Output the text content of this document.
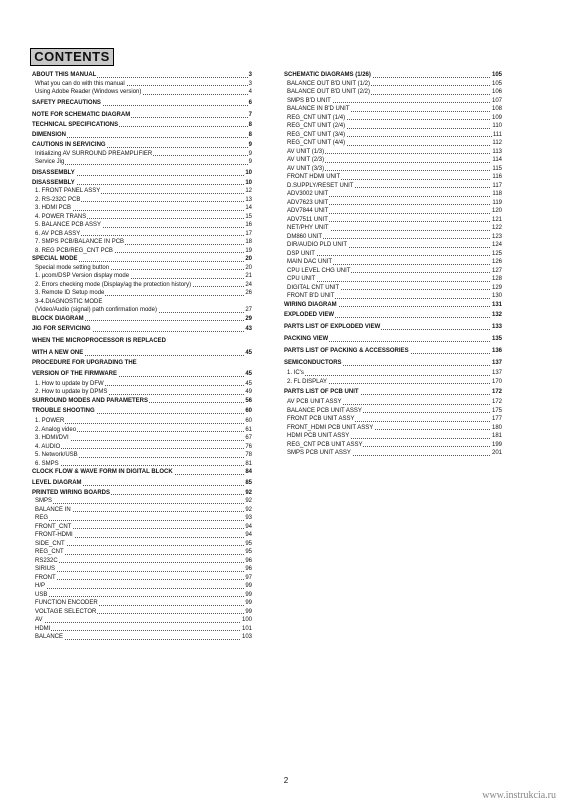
CONTENTS
ABOUT THIS MANUAL	3
What you can do with this manual	3
Using Adobe Reader (Windows version)	4
SAFETY PRECAUTIONS	6
NOTE FOR SCHEMATIC DIAGRAM	7
TECHNICAL SPECIFICATIONS	8
DIMENSION	8
CAUTIONS IN SERVICING	9
Initializing AV SURROUND PREAMPLIFIER	9
Service Jig	9
DISASSEMBLY	10
DISASSEMBLY	10
1. FRONT PANEL ASSY	12
2. RS-232C PCB	13
3. HDMI PCB	14
4. POWER TRANS	15
5. BALANCE PCB ASSY	16
6. AV PCB ASSY	17
7. SMPS PCB/BALANCE IN PCB	18
8. REG PCB/REG_CNT PCB	19
SPECIAL MODE	20
Special mode setting button	20
1. μcom/DSP Version display mode	21
2. Errors checking mode (Display/ag the protection history)	24
3. Remote ID Setup mode	26
3-4.DIAGNOSTIC MODE
(Video/Audio (signal) path confirmation mode)	27
BLOCK DIAGRAM	29
JIG FOR SERVICING	43
WHEN THE MICROPROCESSOR IS REPLACED
WITH A NEW ONE	45
PROCEDURE FOR UPGRADING THE
VERSION OF THE FIRMWARE	45
1. How to update by DFW	45
2. How to update by DPMS	49
SURROUND MODES AND PARAMETERS	56
TROUBLE SHOOTING	60
1. POWER	60
2. Analog video	61
3. HDMI/DVI	67
4. AUDIO	76
5. Network/USB	78
6. SMPS	81
CLOCK FLOW & WAVE FORM IN DIGITAL BLOCK	84
LEVEL DIAGRAM	85
PRINTED WIRING BOARDS	92
SMPS	92
BALANCE IN	92
REG	93
FRONT_CNT	94
FRONT-HDMI	94
SIDE_CNT	95
REG_CNT	95
RS232C	96
SIRIUS	96
FRONT	97
H/P	99
USB	99
FUNCTION ENCODER	99
VOLTAGE SELECTOR	99
AV	100
HDMI	101
BALANCE	103
SCHEMATIC DIAGRAMS (1/26)	105
BALANCE OUT B'D UNIT (1/2)	105
BALANCE OUT B'D UNIT (2/2)	106
SMPS B'D UNIT	107
BALANCE IN B'D UNIT	108
REG_CNT UNIT (1/4)	109
REG_CNT UNIT (2/4)	110
REG_CNT UNIT (3/4)	111
REG_CNT UNIT (4/4)	112
AV UNIT (1/3)	113
AV UNIT (2/3)	114
AV UNIT (3/3)	115
FRONT HDMI UNIT	116
D.SUPPLY/RESET UNIT	117
ADV3002 UNIT	118
ADV7623 UNIT	119
ADV7844 UNIT	120
ADV7511 UNIT	121
NET/PHY UNIT	122
DM860 UNIT	123
DIR/AUDIO PLD UNIT	124
DSP UNIT	125
MAIN DAC UNIT	126
CPU LEVEL CHG UNIT	127
CPU UNIT	128
DIGITAL CNT UNIT	129
FRONT B'D UNIT	130
WIRING DIAGRAM	131
EXPLODED VIEW	132
PARTS LIST OF EXPLODED VIEW	133
PACKING VIEW	135
PARTS LIST OF PACKING & ACCESSORIES	136
SEMICONDUCTORS	137
1. IC's	137
2. FL DISPLAY	170
PARTS LIST OF PCB UNIT	172
AV PCB UNIT ASSY	172
BALANCE PCB UNIT ASSY	175
FRONT PCB UNIT ASSY	177
FRONT_HDMI PCB UNIT ASSY	180
HDMI PCB UNIT ASSY	181
REG_CNT PCB UNIT ASSY	199
SMPS PCB UNIT ASSY	201
2
www.instrukcia.ru
